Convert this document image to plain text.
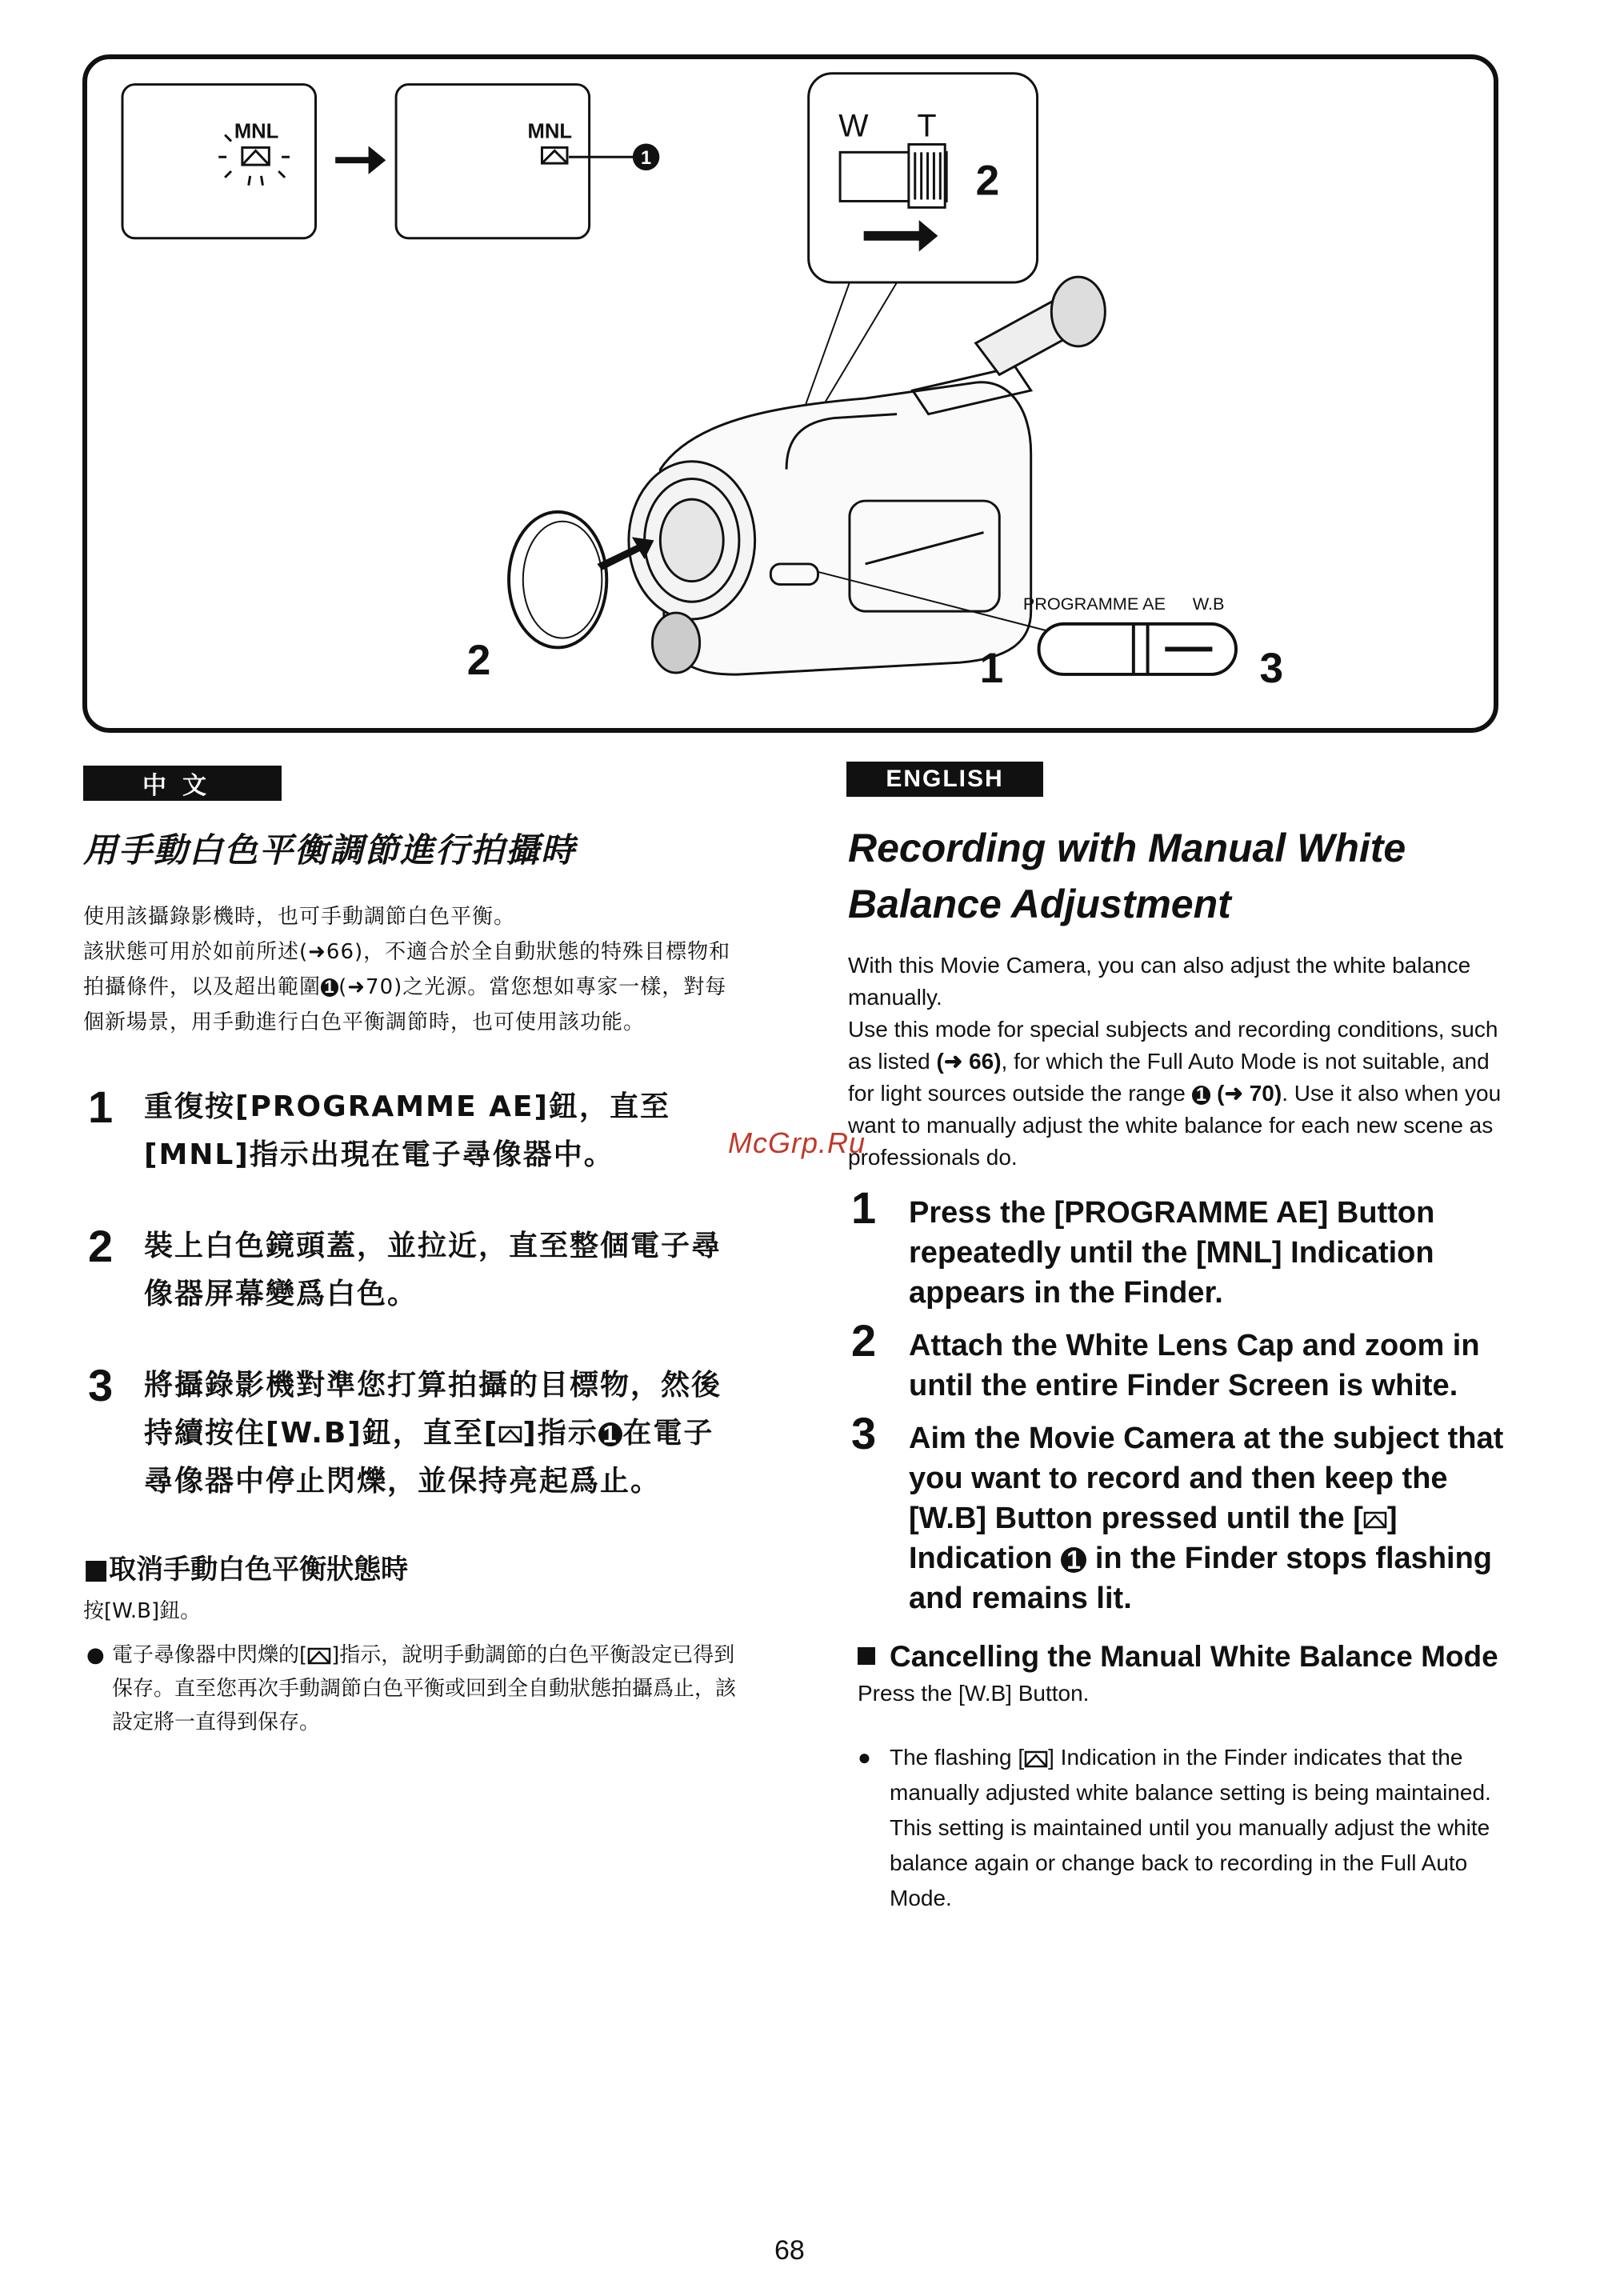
MNL	MNL
1
W T
2
2
PROGRAMME AE W.B
1	3
中文	ENGLISH
用手動白色平衡調節進行拍攝時

使用該攝錄影機時，也可手動調節白色平衡。
該狀態可用於如前所述(➜66)，不適合於全自動狀態的特殊目標物和拍攝條件，以及超出範圍 1 (➜70)之光源。當您想如專家一樣，對每個新場景，用手動進行白色平衡調節時，也可使用該功能。

1 重復按[PROGRAMME AE]鈕，直至[MNL]指示出現在電子尋像器中。
2 裝上白色鏡頭蓋，並拉近，直至整個電子尋像器屏幕變爲白色。
3 將攝錄影機對準您打算拍攝的目標物，然後持續按住[W.B]鈕，直至[ ]指示 1 在電子尋像器中停止閃爍，並保持亮起爲止。
■取消手動白色平衡狀態時
按[W.B]鈕。
● 電子尋像器中閃爍的[ ]指示，說明手動調節的白色平衡設定已得到保存。直至您再次手動調節白色平衡或回到全自動狀態拍攝爲止，該設定將一直得到保存。
Recording with Manual White Balance Adjustment

With this Movie Camera, you can also adjust the white balance manually.
Use this mode for special subjects and recording conditions, such as listed (➜ 66), for which the Full Auto Mode is not suitable, and for light sources outside the range 1 (➜ 70). Use it also when you want to manually adjust the white balance for each new scene as professionals do.

1 Press the [PROGRAMME AE] Button repeatedly until the [MNL] Indication appears in the Finder.
2 Attach the White Lens Cap and zoom in until the entire Finder Screen is white.
3 Aim the Movie Camera at the subject that you want to record and then keep the [W.B] Button pressed until the [ ] Indication 1 in the Finder stops flashing and remains lit.
Cancelling the Manual White Balance Mode
Press the [W.B] Button.
● The flashing [ ] Indication in the Finder indicates that the manually adjusted white balance setting is being maintained. This setting is maintained until you manually adjust the white balance again or change back to recording in the Full Auto Mode.
McGrp.Ru
68
